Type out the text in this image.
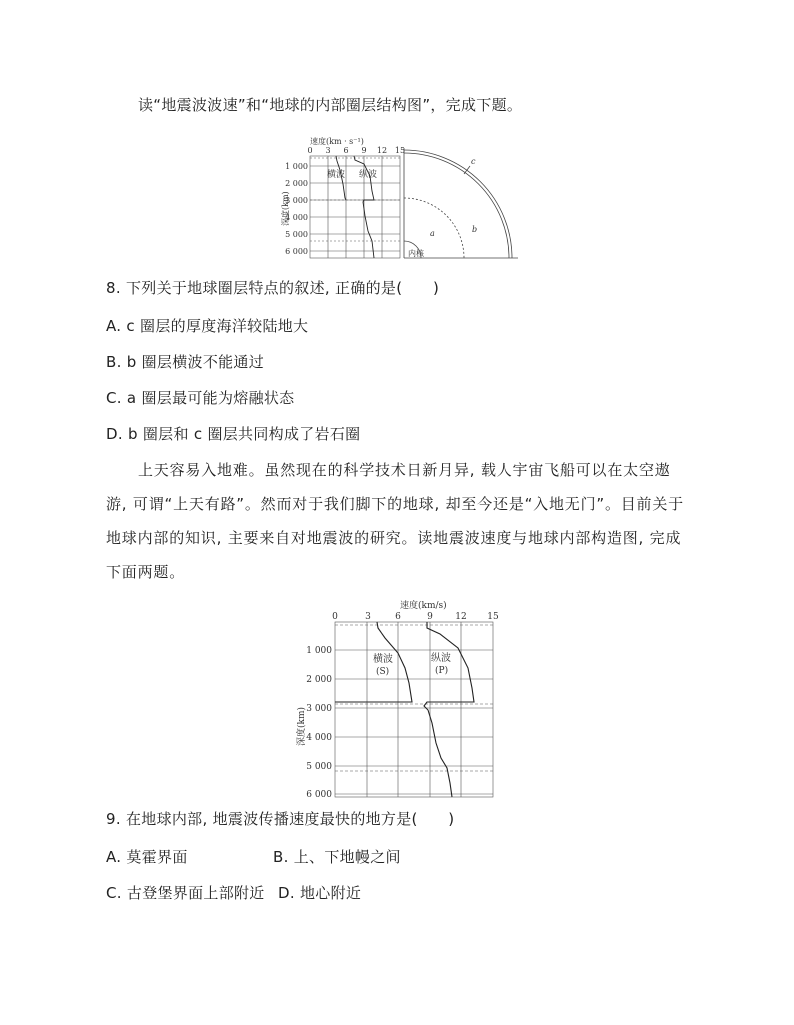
读“地震波波速”和“地球的内部圈层结构图”，完成下题。
速度(km · s⁻¹)
0 3 6 9 12 15
1 000
2 000
3 000
4 000
5 000
6 000
深度(km)
横波 纵波
c
b
a
内核
8. 下列关于地球圈层特点的叙述, 正确的是(　　)
A. c 圈层的厚度海洋较陆地大
B. b 圈层横波不能通过
C. a 圈层最可能为熔融状态
D. b 圈层和 c 圈层共同构成了岩石圈
上天容易入地难。虽然现在的科学技术日新月异, 载人宇宙飞船可以在太空遨游, 可谓“上天有路”。然而对于我们脚下的地球, 却至今还是“入地无门”。目前关于地球内部的知识, 主要来自对地震波的研究。读地震波速度与地球内部构造图, 完成下面两题。
速度(km/s)
0	3	6	9 12 15
1 000
2 000
3 000
4 000
5 000
6 000
深度(km)
横波
(S)
纵波
(P)
9. 在地球内部, 地震波传播速度最快的地方是(　　)
A. 莫霍界面	B. 上、下地幔之间
C. 古登堡界面上部附近 D. 地心附近
